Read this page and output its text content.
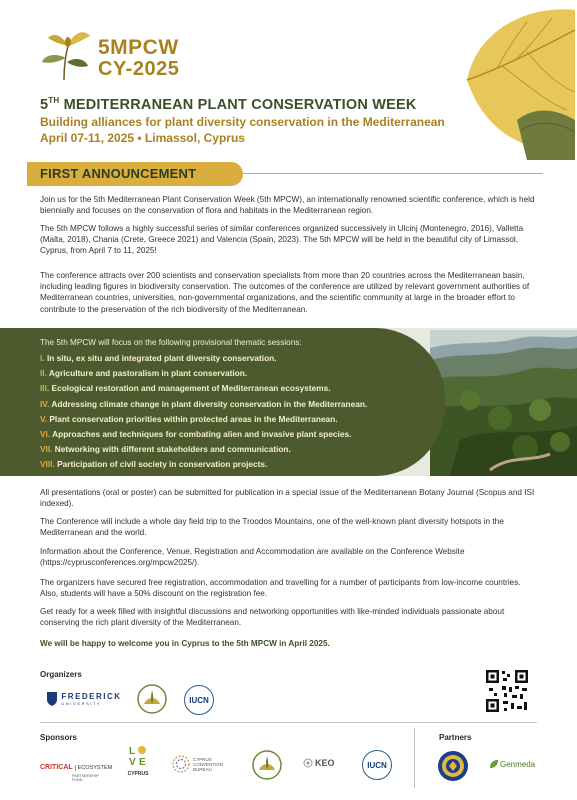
5MPCW
CY-2025
5TH MEDITERRANEAN PLANT CONSERVATION WEEK
Building alliances for plant diversity conservation in the Mediterranean
April 07-11, 2025 • Limassol, Cyprus
FIRST ANNOUNCEMENT
Join us for the 5th Mediterranean Plant Conservation Week (5th MPCW), an internationally renowned scientific conference, which is held biennially and focuses on the conservation of flora and habitats in the Mediterranean region.
The 5th MPCW follows a highly successful series of similar conferences organized successively in Ulcinj (Montenegro, 2016), Valletta (Malta, 2018), Chania (Crete, Greece 2021) and Valencia (Spain, 2023). The 5th MPCW will be held in the beautiful city of Limassol, Cyprus, from April 7 to 11, 2025!
The conference attracts over 200 scientists and conservation specialists from more than 20 countries across the Mediterranean basin, including leading figures in biodiversity conservation. The outcomes of the conference are utilized by relevant government authorities of Mediterranean countries, universities, non-governmental organizations, and the scientific community at large in the broader effort to contribute to the preservation of the rich biodiversity of the Mediterranean.
The 5th MPCW will focus on the following provisional thematic sessions:
I. In situ, ex situ and integrated plant diversity conservation.
II. Agriculture and pastoralism in plant conservation.
III. Ecological restoration and management of Mediterranean ecosystems.
IV. Addressing climate change in plant diversity conservation in the Mediterranean.
V. Plant conservation priorities within protected areas in the Mediterranean.
VI. Approaches and techniques for combating alien and invasive plant species.
VII. Networking with different stakeholders and communication.
VIII. Participation of civil society in conservation projects.
All presentations (oral or poster) can be submitted for publication in a special issue of the Mediterranean Botany Journal (Scopus and ISI indexed).
The Conference will include a whole day field trip to the Troodos Mountains, one of the well-known plant diversity hotspots in the Mediterranean and the world.
Information about the Conference, Venue, Registration and Accommodation are available on the Conference Website (https://cyprusconferences.org/mpcw2025/).
The organizers have secured free registration, accommodation and travelling for a number of participants from low-income countries. Also, students will have a 50% discount on the registration fee.
Get ready for a week filled with insightful discussions and networking opportunities with like-minded individuals passionate about conserving the rich plant diversity of the Mediterranean.
We will be happy to welcome you in Cyprus to the 5th MPCW in April 2025.
Organizers
FREDERICK
UNIVERSITY	IUCN
Sponsors	Partners
CRITICAL ECOSYSTEM
PARTNERSHIP FUND
L
V E
CYPRUS
CYPRUS CONVENTION BUREAU
KEO	IUCN	Genmeda
